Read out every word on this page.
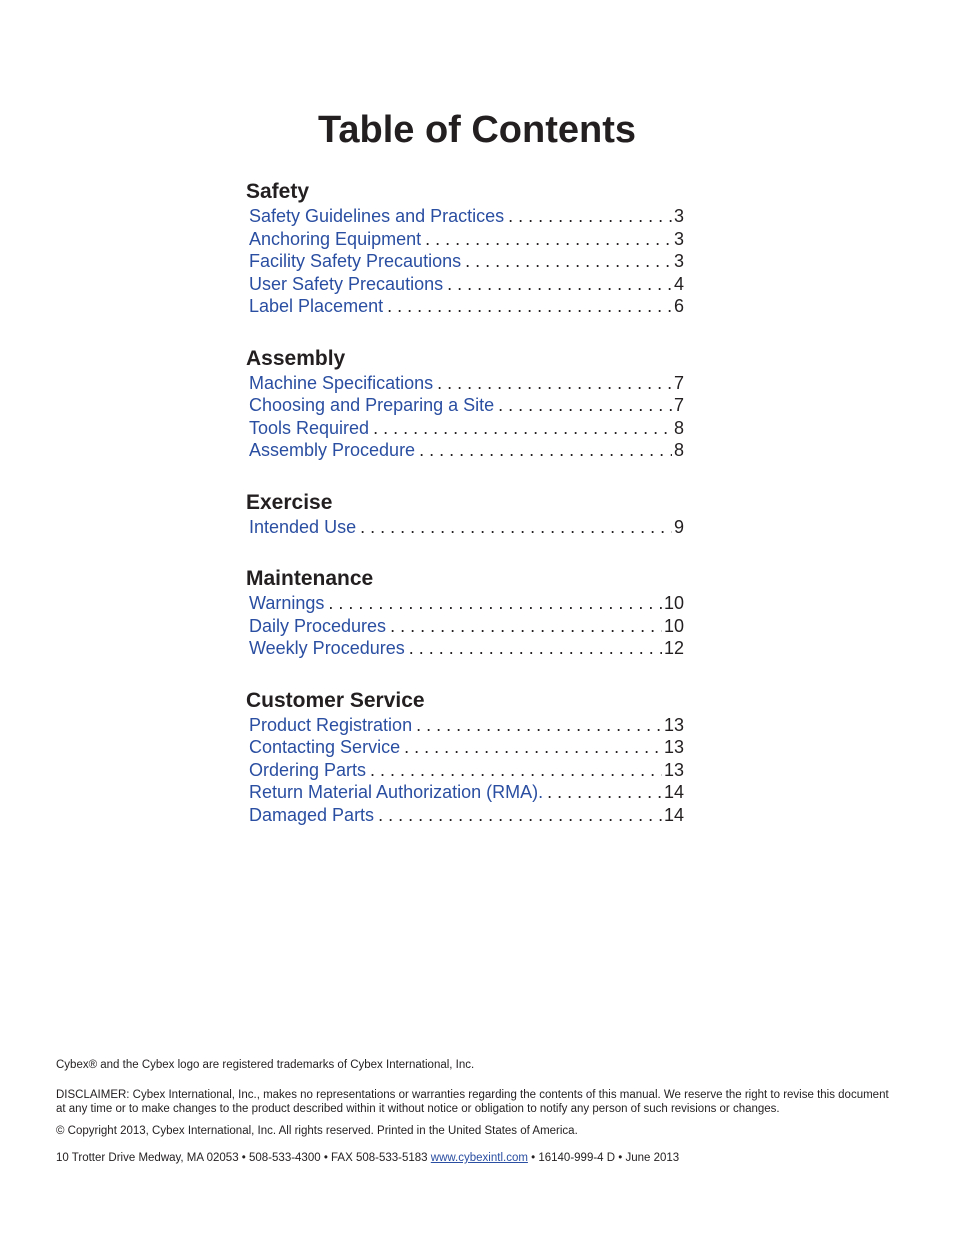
Table of Contents
Safety
Safety Guidelines and Practices . . .	3
Anchoring Equipment . . .	3
Facility Safety Precautions . . .	3
User Safety Precautions . . .	4
Label Placement . . .	6
Assembly
Machine Specifications . . .	7
Choosing and Preparing a Site . . .	7
Tools Required . . .	8
Assembly Procedure . . .	8
Exercise
Intended Use . . .	9
Maintenance
Warnings . . .	10
Daily Procedures . . .	10
Weekly Procedures . . .	12
Customer Service
Product Registration . . .	13
Contacting Service . . .	13
Ordering Parts . . .	13
Return Material Authorization (RMA). . . .	14
Damaged Parts . . .	14

Cybex® and the Cybex logo are registered trademarks of Cybex International, Inc.

DISCLAIMER: Cybex International, Inc., makes no representations or warranties regarding the contents of this manual. We reserve the right to revise this document at any time or to make changes to the product described within it without notice or obligation to notify any person of such revisions or changes.

© Copyright 2013, Cybex International, Inc. All rights reserved. Printed in the United States of America.

10 Trotter Drive Medway, MA 02053 • 508-533-4300 • FAX 508-533-5183 www.cybexintl.com • 16140-999-4 D • June 2013
